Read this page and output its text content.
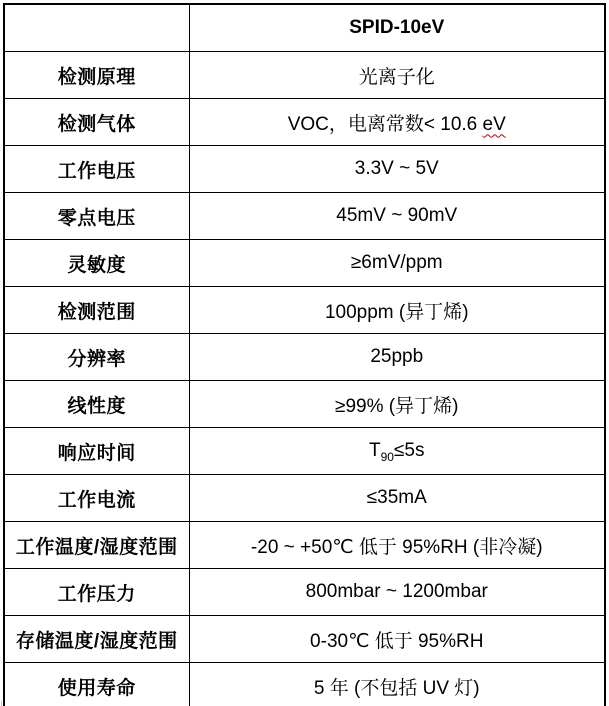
	SPID-10eV
检测原理	光离子化
检测气体	VOC，电离常数< 10.6 eV
工作电压	3.3V ~ 5V
零点电压	45mV ~ 90mV
灵敏度	≥6mV/ppm
检测范围	100ppm (异丁烯)
分辨率	25ppb
线性度	≥99% (异丁烯)
响应时间	$T_{90}\le 5s$
工作电流	≤35mA
工作温度/湿度范围	-20 ~ +50℃ 低于 95%RH (非冷凝)
工作压力	800mbar ~ 1200mbar
存储温度/湿度范围	0-30℃ 低于 95%RH
使用寿命	5 年 (不包括 UV 灯)
